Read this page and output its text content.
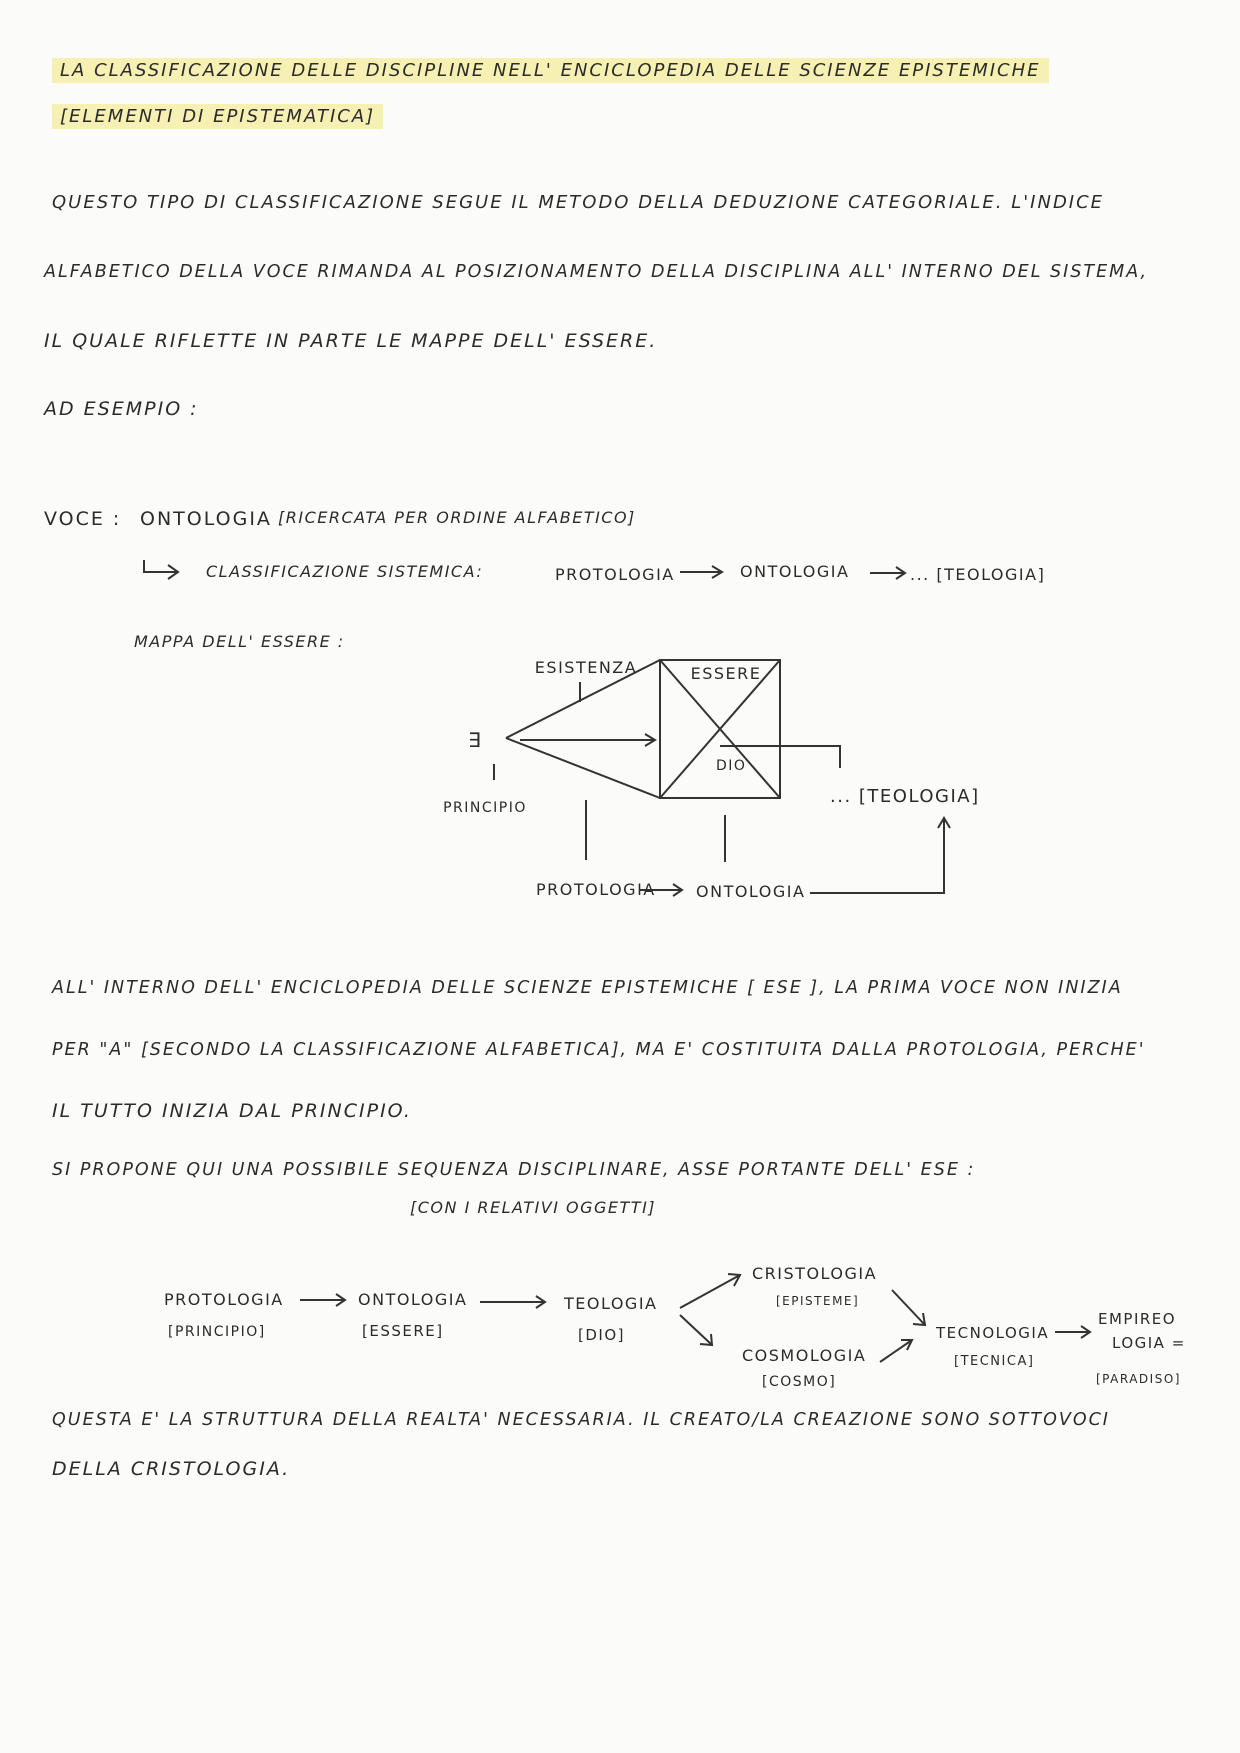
LA CLASSIFICAZIONE DELLE DISCIPLINE NELL' ENCICLOPEDIA DELLE SCIENZE EPISTEMICHE
[ELEMENTI DI EPISTEMATICA]
QUESTO TIPO DI CLASSIFICAZIONE SEGUE IL METODO DELLA DEDUZIONE CATEGORIALE. L'INDICE
ALFABETICO DELLA VOCE RIMANDA AL POSIZIONAMENTO DELLA DISCIPLINA ALL' INTERNO DEL SISTEMA,
IL QUALE RIFLETTE IN PARTE LE MAPPE DELL' ESSERE.
AD ESEMPIO :
VOCE : ONTOLOGIA [RICERCATA PER ORDINE ALFABETICO]
CLASSIFICAZIONE SISTEMICA:	PROTOLOGIA	ONTOLOGIA	... [TEOLOGIA]
MAPPA DELL' ESSERE :
ESISTENZA	ESSERE
∃
PRINCIPIO
DIO
... [TEOLOGIA]
PROTOLOGIA	ONTOLOGIA
ALL' INTERNO DELL' ENCICLOPEDIA DELLE SCIENZE EPISTEMICHE [ ESE ], LA PRIMA VOCE NON INIZIA
PER "A" [SECONDO LA CLASSIFICAZIONE ALFABETICA], MA E' COSTITUITA DALLA PROTOLOGIA, PERCHE'
IL TUTTO INIZIA DAL PRINCIPIO.
SI PROPONE QUI UNA POSSIBILE SEQUENZA DISCIPLINARE, ASSE PORTANTE DELL' ESE :
[CON I RELATIVI OGGETTI]
PROTOLOGIA
[PRINCIPIO]
ONTOLOGIA
[ESSERE]
TEOLOGIA
[DIO]
CRISTOLOGIA
[EPISTEME]
COSMOLOGIA
[COSMO]
TECNOLOGIA
[TECNICA]
EMPIREO
LOGIA =
[PARADISO]
QUESTA E' LA STRUTTURA DELLA REALTA' NECESSARIA. IL CREATO/LA CREAZIONE SONO SOTTOVOCI
DELLA CRISTOLOGIA.
